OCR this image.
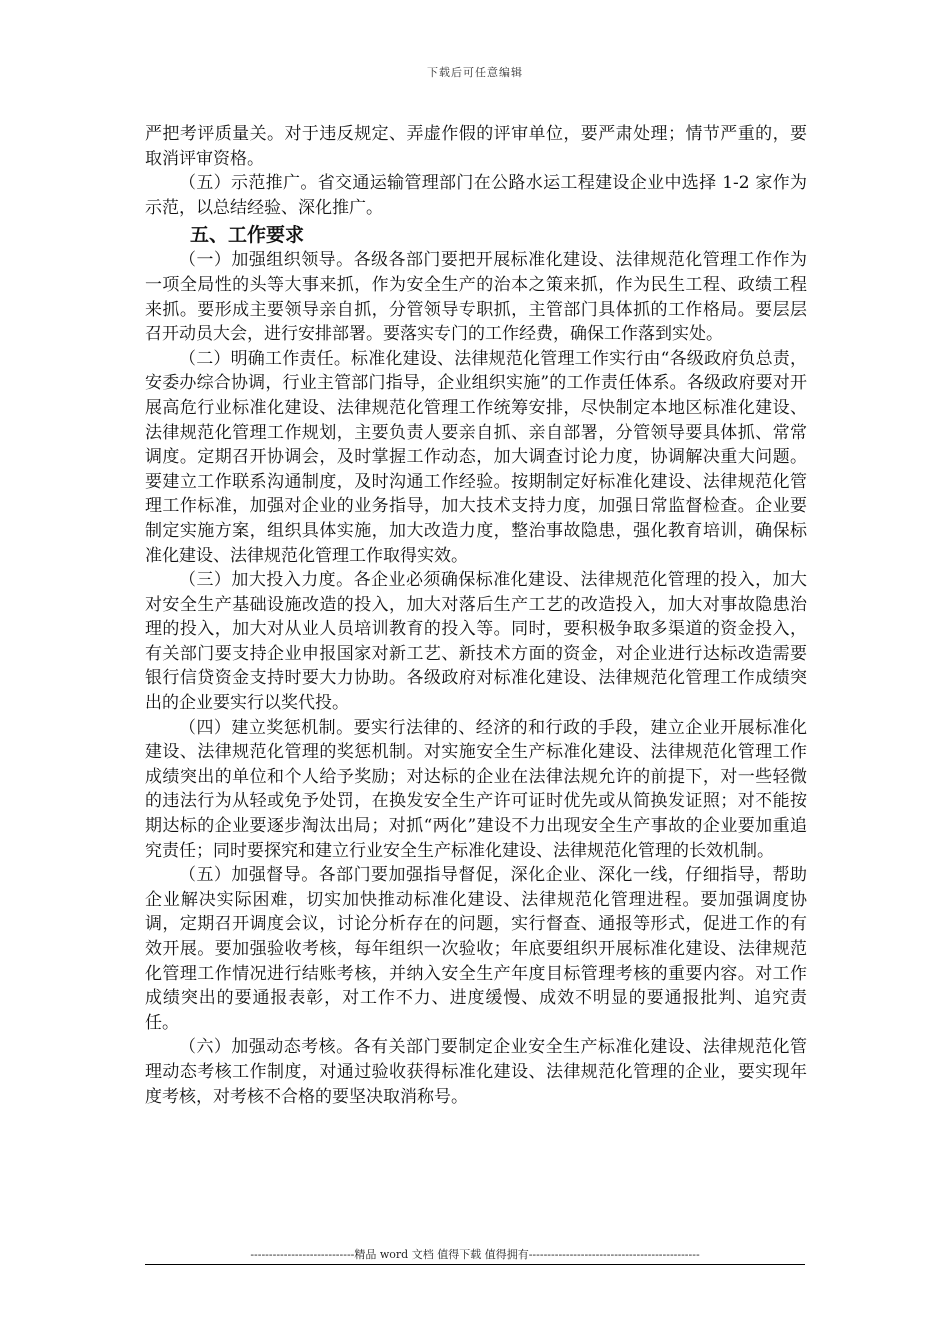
下载后可任意编辑

严把考评质量关。对于违反规定、弄虚作假的评审单位，要严肃处理；情节严重的，要取消评审资格。

（五）示范推广。省交通运输管理部门在公路水运工程建设企业中选择 1-2 家作为示范，以总结经验、深化推广。

五、工作要求

（一）加强组织领导。各级各部门要把开展标准化建设、法律规范化管理工作作为一项全局性的头等大事来抓，作为安全生产的治本之策来抓，作为民生工程、政绩工程来抓。要形成主要领导亲自抓，分管领导专职抓，主管部门具体抓的工作格局。要层层召开动员大会，进行安排部署。要落实专门的工作经费，确保工作落到实处。

（二）明确工作责任。标准化建设、法律规范化管理工作实行由“各级政府负总责，安委办综合协调，行业主管部门指导，企业组织实施”的工作责任体系。各级政府要对开展高危行业标准化建设、法律规范化管理工作统筹安排，尽快制定本地区标准化建设、法律规范化管理工作规划，主要负责人要亲自抓、亲自部署，分管领导要具体抓、常常调度。定期召开协调会，及时掌握工作动态，加大调查讨论力度，协调解决重大问题。要建立工作联系沟通制度，及时沟通工作经验。按期制定好标准化建设、法律规范化管理工作标准，加强对企业的业务指导，加大技术支持力度，加强日常监督检查。企业要制定实施方案，组织具体实施，加大改造力度，整治事故隐患，强化教育培训，确保标准化建设、法律规范化管理工作取得实效。

（三）加大投入力度。各企业必须确保标准化建设、法律规范化管理的投入，加大对安全生产基础设施改造的投入，加大对落后生产工艺的改造投入，加大对事故隐患治理的投入，加大对从业人员培训教育的投入等。同时，要积极争取多渠道的资金投入，有关部门要支持企业申报国家对新工艺、新技术方面的资金，对企业进行达标改造需要银行信贷资金支持时要大力协助。各级政府对标准化建设、法律规范化管理工作成绩突出的企业要实行以奖代投。

（四）建立奖惩机制。要实行法律的、经济的和行政的手段，建立企业开展标准化建设、法律规范化管理的奖惩机制。对实施安全生产标准化建设、法律规范化管理工作成绩突出的单位和个人给予奖励；对达标的企业在法律法规允许的前提下，对一些轻微的违法行为从轻或免予处罚，在换发安全生产许可证时优先或从简换发证照；对不能按期达标的企业要逐步淘汰出局；对抓“两化”建设不力出现安全生产事故的企业要加重追究责任；同时要探究和建立行业安全生产标准化建设、法律规范化管理的长效机制。

（五）加强督导。各部门要加强指导督促，深化企业、深化一线，仔细指导，帮助企业解决实际困难，切实加快推动标准化建设、法律规范化管理进程。要加强调度协调，定期召开调度会议，讨论分析存在的问题，实行督查、通报等形式，促进工作的有效开展。要加强验收考核，每年组织一次验收；年底要组织开展标准化建设、法律规范化管理工作情况进行结账考核，并纳入安全生产年度目标管理考核的重要内容。对工作成绩突出的要通报表彰，对工作不力、进度缓慢、成效不明显的要通报批判、追究责任。

（六）加强动态考核。各有关部门要制定企业安全生产标准化建设、法律规范化管理动态考核工作制度，对通过验收获得标准化建设、法律规范化管理的企业，要实现年度考核，对考核不合格的要坚决取消称号。

----------------------------精品 word 文档 值得下载 值得拥有----------------------------------------------
